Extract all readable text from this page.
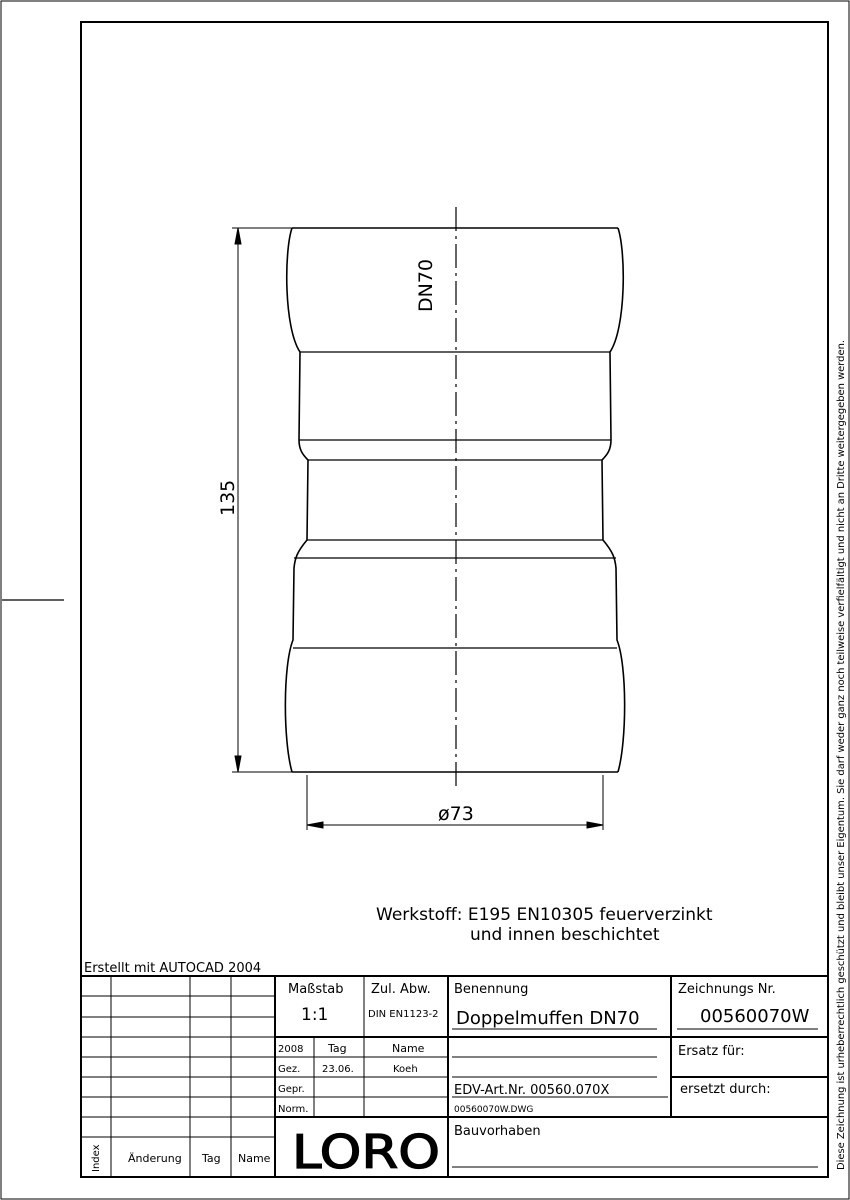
Diese Zeichnung ist urheberrechtlich geschützt und bleibt unser Eigentum. Sie darf weder ganz noch teilweise verfielfältigt und nicht an Dritte weitergegeben werden.
DN70
135
ø73
Werkstoff: E195 EN10305 feuerverzinkt
und innen beschichtet
Erstellt mit AUTOCAD 2004
Maßstab
1:1
Zul. Abw.
DIN EN1123-2
Benennung
Doppelmuffen DN70
Zeichnungs Nr.
00560070W
2008 Tag	Name
Gez. 23.06.	Koeh
Gepr.
Norm.
Ersatz für:
ersetzt durch:
EDV-Art.Nr. 00560.070X
00560070W.DWG
Bauvorhaben
Index Änderung Tag Name LORO
